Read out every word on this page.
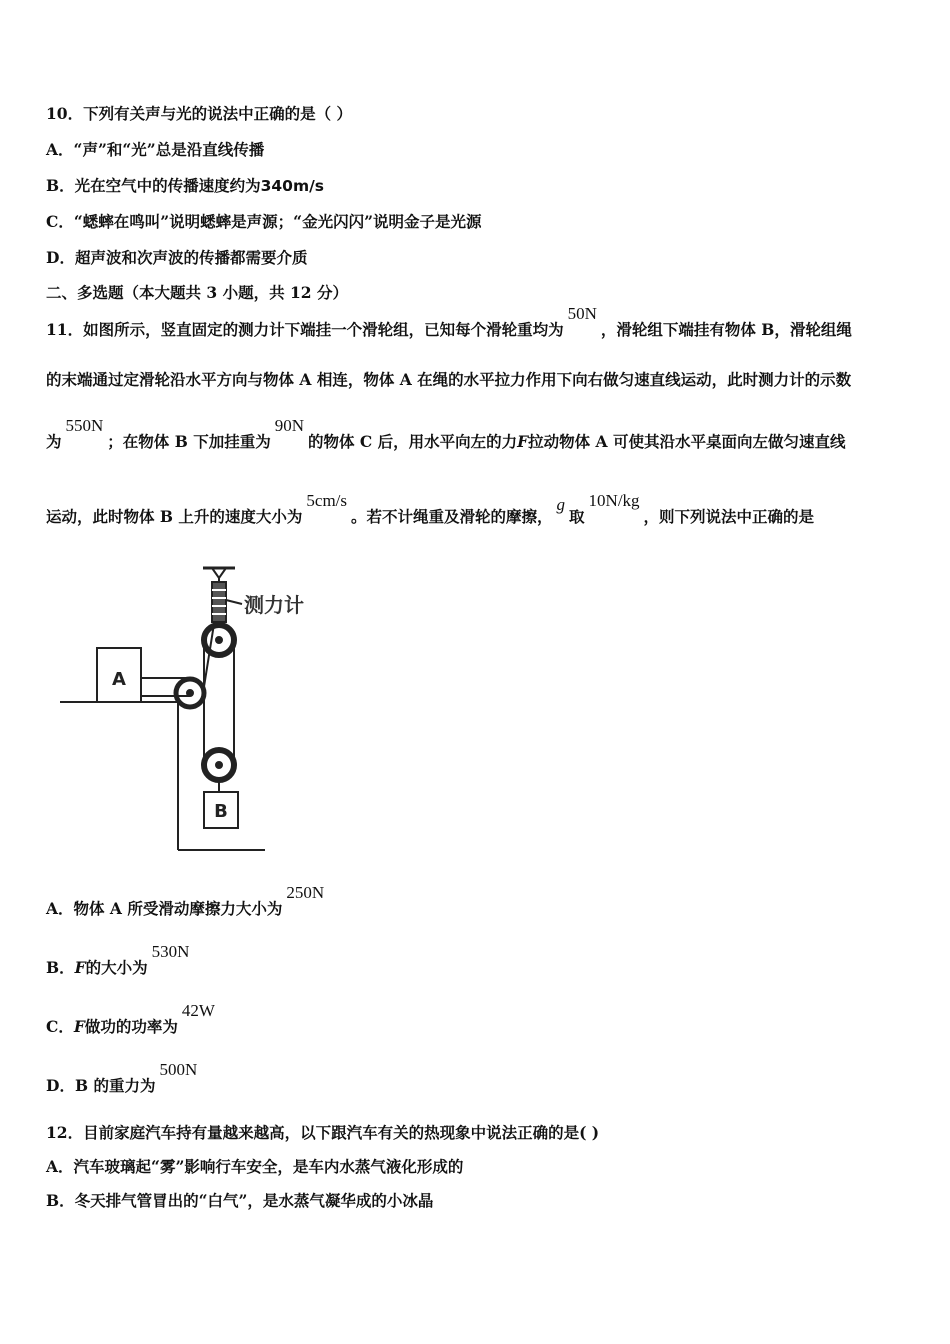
10．下列有关声与光的说法中正确的是（ ）
A．“声”和“光”总是沿直线传播
B．光在空气中的传播速度约为340m/s
C．“蟋蟀在鸣叫”说明蟋蟀是声源；“金光闪闪”说明金子是光源
D．超声波和次声波的传播都需要介质
二、多选题（本大题共 3 小题，共 12 分）
11．如图所示，竖直固定的测力计下端挂一个滑轮组，已知每个滑轮重均为50N，滑轮组下端挂有物体 B，滑轮组绳
的末端通过定滑轮沿水平方向与物体 A 相连，物体 A 在绳的水平拉力作用下向右做匀速直线运动，此时测力计的示数
为550N；在物体 B 下加挂重为90N的物体 C 后，用水平向左的力F拉动物体 A 可使其沿水平桌面向左做匀速直线
运动，此时物体 B 上升的速度大小为5cm/s。若不计绳重及滑轮的摩擦，g取10N/kg，则下列说法中正确的是
A
B
测力计
A．物体 A 所受滑动摩擦力大小为250N
B．F的大小为530N
C．F做功的功率为42W
D．B 的重力为500N
12．目前家庭汽车持有量越来越高，以下跟汽车有关的热现象中说法正确的是( )
A．汽车玻璃起“雾”影响行车安全，是车内水蒸气液化形成的
B．冬天排气管冒出的“白气”，是水蒸气凝华成的小冰晶
